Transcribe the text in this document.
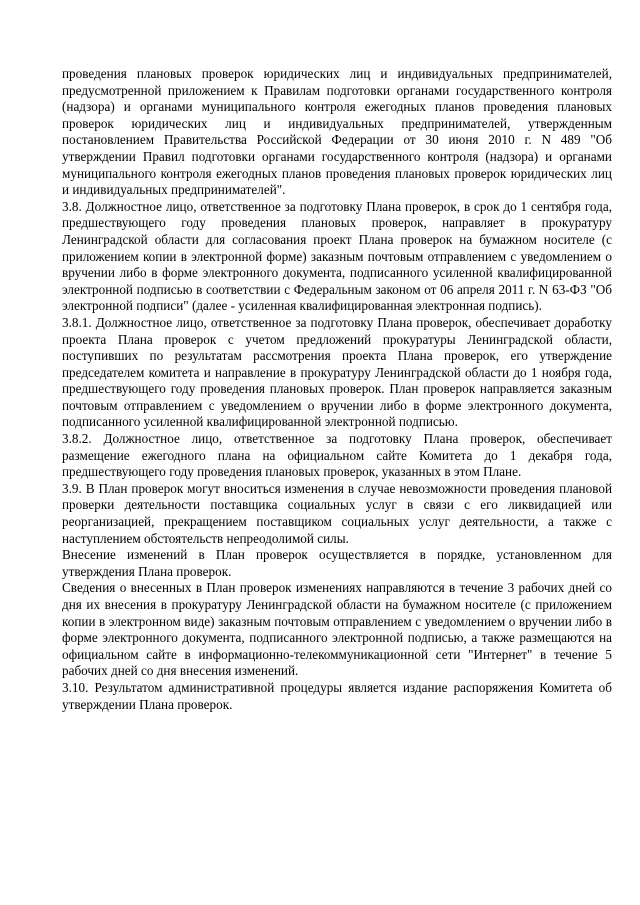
проведения плановых проверок юридических лиц и индивидуальных предпринимателей, предусмотренной приложением к Правилам подготовки органами государственного контроля (надзора) и органами муниципального контроля ежегодных планов проведения плановых проверок юридических лиц и индивидуальных предпринимателей, утвержденным постановлением Правительства Российской Федерации от 30 июня 2010 г. N 489 "Об утверждении Правил подготовки органами государственного контроля (надзора) и органами муниципального контроля ежегодных планов проведения плановых проверок юридических лиц и индивидуальных предпринимателей".

3.8. Должностное лицо, ответственное за подготовку Плана проверок, в срок до 1 сентября года, предшествующего году проведения плановых проверок, направляет в прокуратуру Ленинградской области для согласования проект Плана проверок на бумажном носителе (с приложением копии в электронной форме) заказным почтовым отправлением с уведомлением о вручении либо в форме электронного документа, подписанного усиленной квалифицированной электронной подписью в соответствии с Федеральным законом от 06 апреля 2011 г. N 63-ФЗ "Об электронной подписи" (далее - усиленная квалифицированная электронная подпись).

3.8.1. Должностное лицо, ответственное за подготовку Плана проверок, обеспечивает доработку проекта Плана проверок с учетом предложений прокуратуры Ленинградской области, поступивших по результатам рассмотрения проекта Плана проверок, его утверждение председателем комитета и направление в прокуратуру Ленинградской области до 1 ноября года, предшествующего году проведения плановых проверок. План проверок направляется заказным почтовым отправлением с уведомлением о вручении либо в форме электронного документа, подписанного усиленной квалифицированной электронной подписью.

3.8.2. Должностное лицо, ответственное за подготовку Плана проверок, обеспечивает размещение ежегодного плана на официальном сайте Комитета до 1 декабря года, предшествующего году проведения плановых проверок, указанных в этом Плане.

3.9. В План проверок могут вноситься изменения в случае невозможности проведения плановой проверки деятельности поставщика социальных услуг в связи с его ликвидацией или реорганизацией, прекращением поставщиком социальных услуг деятельности, а также с наступлением обстоятельств непреодолимой силы.

Внесение изменений в План проверок осуществляется в порядке, установленном для утверждения Плана проверок.

Сведения о внесенных в План проверок изменениях направляются в течение 3 рабочих дней со дня их внесения в прокуратуру Ленинградской области на бумажном носителе (с приложением копии в электронном виде) заказным почтовым отправлением с уведомлением о вручении либо в форме электронного документа, подписанного электронной подписью, а также размещаются на официальном сайте в информационно-телекоммуникационной сети "Интернет" в течение 5 рабочих дней со дня внесения изменений.

3.10. Результатом административной процедуры является издание распоряжения Комитета об утверждении Плана проверок.
